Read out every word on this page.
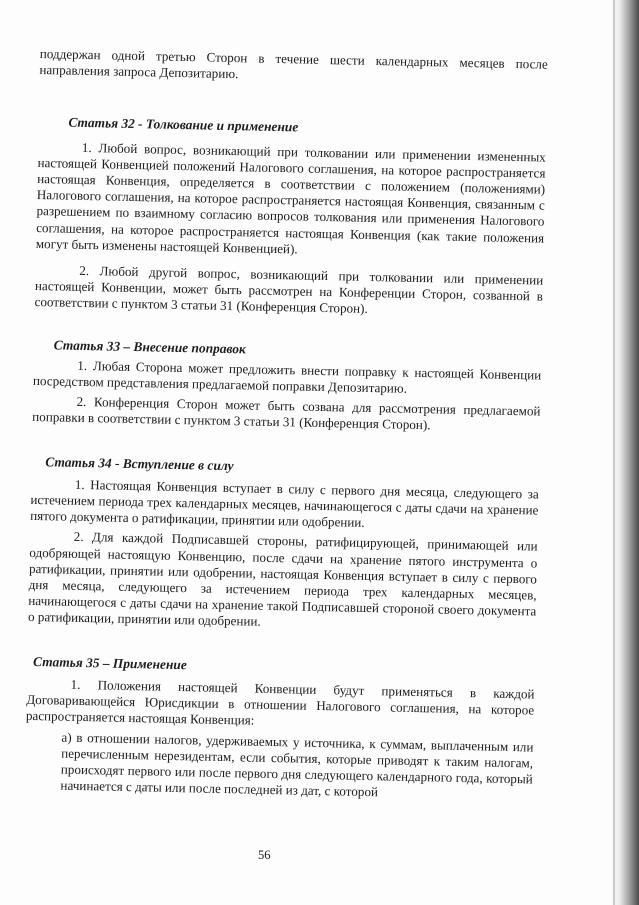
поддержан одной третью Сторон в течение шести календарных месяцев после направления запроса Депозитарию.

Статья 32 - Толкование и применение

1. Любой вопрос, возникающий при толковании или применении измененных настоящей Конвенцией положений Налогового соглашения, на которое распространяется настоящая Конвенция, определяется в соответствии с положением (положениями) Налогового соглашения, на которое распространяется настоящая Конвенция, связанным с разрешением по взаимному согласию вопросов толкования или применения Налогового соглашения, на которое распространяется настоящая Конвенция (как такие положения могут быть изменены настоящей Конвенцией).

2. Любой другой вопрос, возникающий при толковании или применении настоящей Конвенции, может быть рассмотрен на Конференции Сторон, созванной в соответствии с пунктом 3 статьи 31 (Конференция Сторон).

Статья 33 – Внесение поправок

1. Любая Сторона может предложить внести поправку к настоящей Конвенции посредством представления предлагаемой поправки Депозитарию.

2. Конференция Сторон может быть созвана для рассмотрения предлагаемой поправки в соответствии с пунктом 3 статьи 31 (Конференция Сторон).

Статья 34 - Вступление в силу

1. Настоящая Конвенция вступает в силу с первого дня месяца, следующего за истечением периода трех календарных месяцев, начинающегося с даты сдачи на хранение пятого документа о ратификации, принятии или одобрении.

2. Для каждой Подписавшей стороны, ратифицирующей, принимающей или одобряющей настоящую Конвенцию, после сдачи на хранение пятого инструмента о ратификации, принятии или одобрении, настоящая Конвенция вступает в силу с первого дня месяца, следующего за истечением периода трех календарных месяцев, начинающегося с даты сдачи на хранение такой Подписавшей стороной своего документа о ратификации, принятии или одобрении.

Статья 35 – Применение

1. Положения настоящей Конвенции будут применяться в каждой Договаривающейся Юрисдикции в отношении Налогового соглашения, на которое распространяется настоящая Конвенция:

а) в отношении налогов, удерживаемых у источника, к суммам, выплаченным или перечисленным нерезидентам, если события, которые приводят к таким налогам, происходят первого или после первого дня следующего календарного года, который начинается с даты или после последней из дат, с которой

56
